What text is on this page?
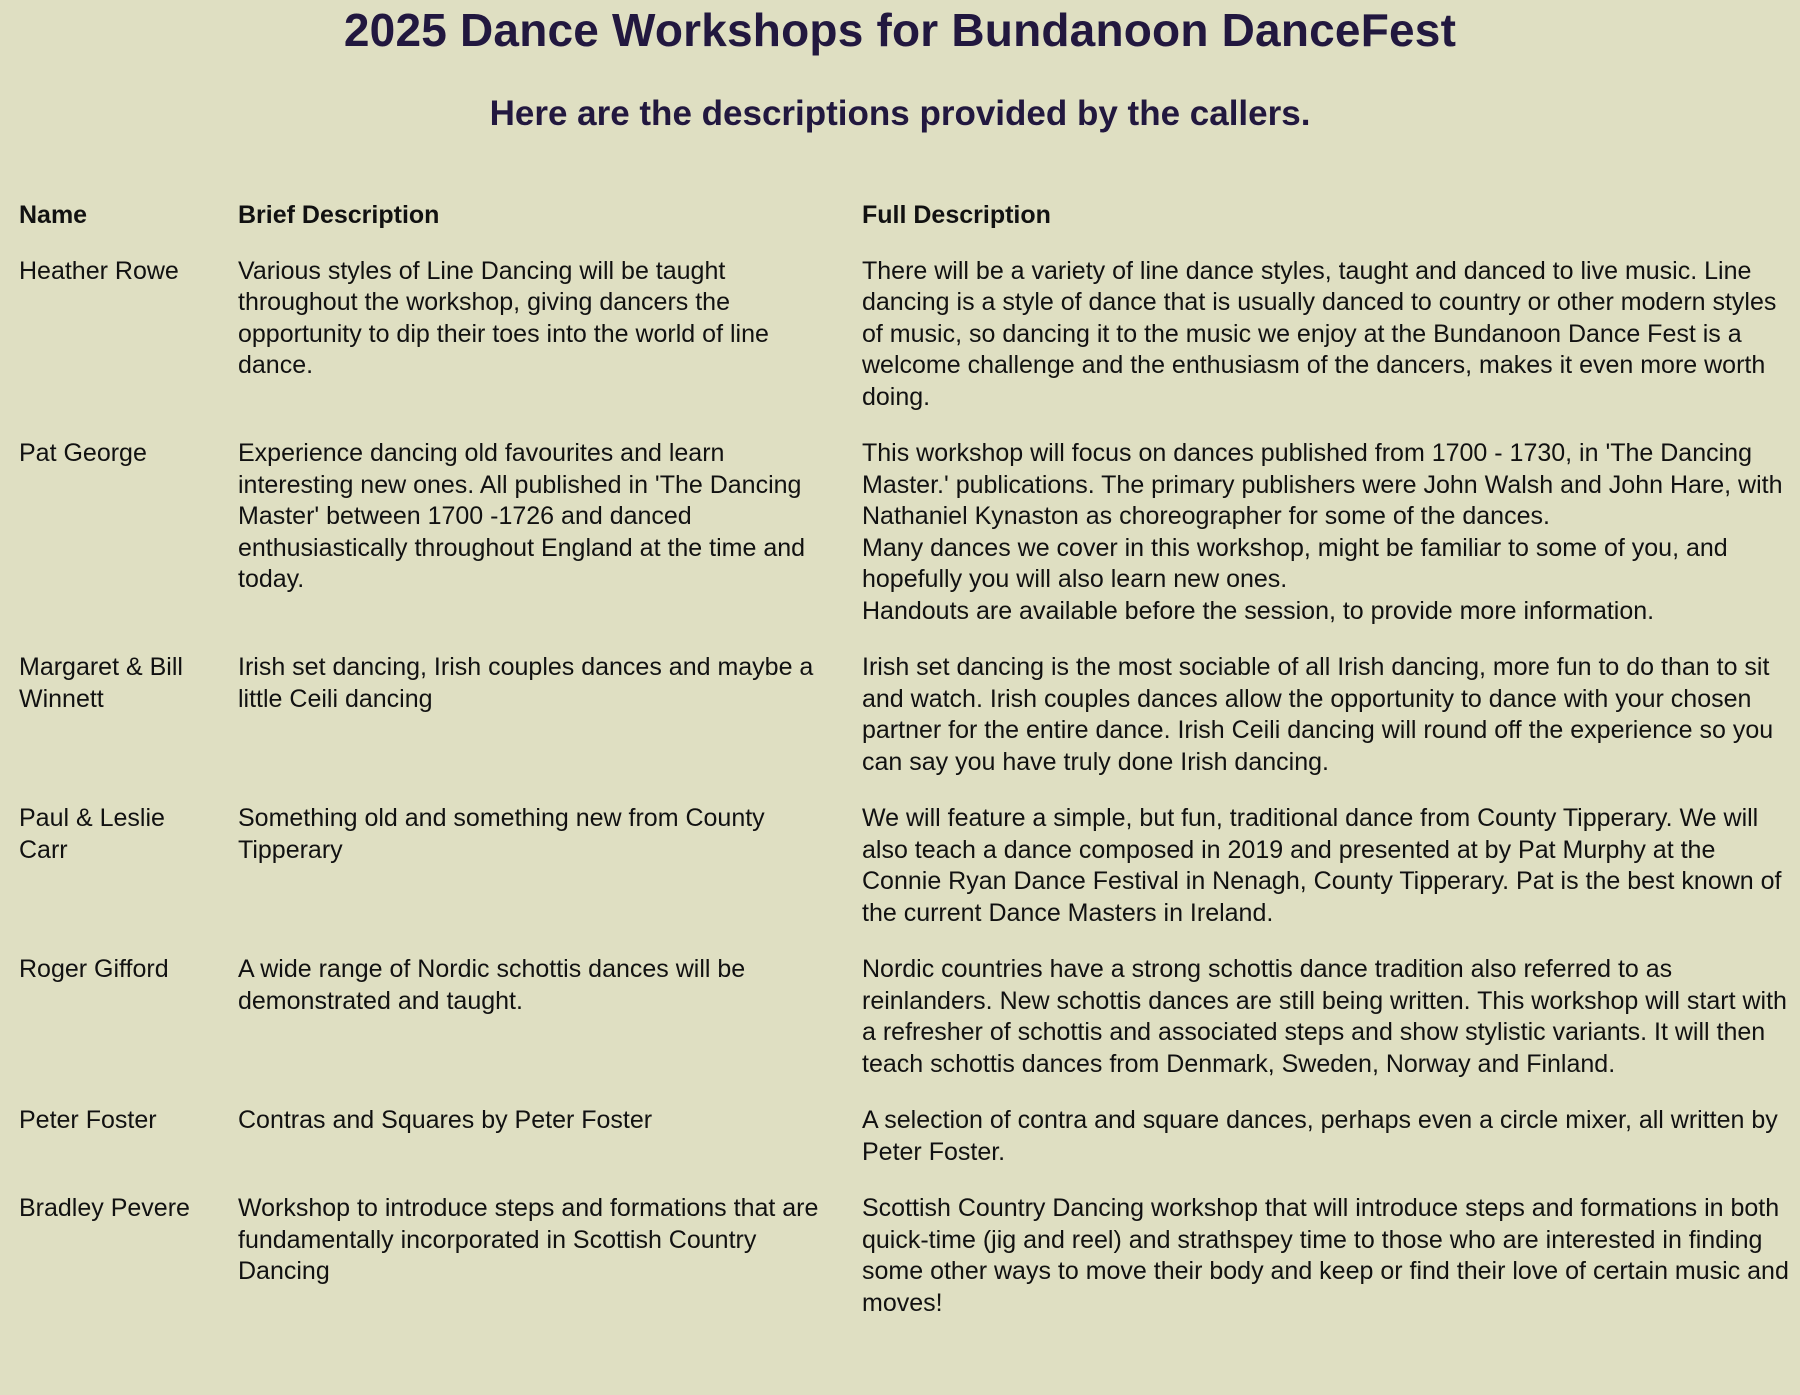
2025 Dance Workshops for Bundanoon DanceFest
Here are the descriptions provided by the callers.
Name	Brief Description	Full Description
Heather Rowe	Various styles of Line Dancing will be taught throughout the workshop, giving dancers the opportunity to dip their toes into the world of line dance.	There will be a variety of line dance styles, taught and danced to live music. Line dancing is a style of dance that is usually danced to country or other modern styles of music, so dancing it to the music we enjoy at the Bundanoon Dance Fest is a welcome challenge and the enthusiasm of the dancers, makes it even more worth doing.

Pat George	Experience dancing old favourites and learn interesting new ones. All published in 'The Dancing Master' between 1700 -1726 and danced enthusiastically throughout England at the time and today.	This workshop will focus on dances published from 1700 - 1730, in 'The Dancing Master.' publications. The primary publishers were John Walsh and John Hare, with Nathaniel Kynaston as choreographer for some of the dances.
Many dances we cover in this workshop, might be familiar to some of you, and hopefully you will also learn new ones.
Handouts are available before the session, to provide more information.

Margaret & Bill Winnett	Irish set dancing, Irish couples dances and maybe a little Ceili dancing	Irish set dancing is the most sociable of all Irish dancing, more fun to do than to sit and watch. Irish couples dances allow the opportunity to dance with your chosen partner for the entire dance. Irish Ceili dancing will round off the experience so you can say you have truly done Irish dancing.

Paul & Leslie Carr	Something old and something new from County Tipperary	We will feature a simple, but fun, traditional dance from County Tipperary. We will also teach a dance composed in 2019 and presented at by Pat Murphy at the Connie Ryan Dance Festival in Nenagh, County Tipperary. Pat is the best known of the current Dance Masters in Ireland.

Roger Gifford	A wide range of Nordic schottis dances will be demonstrated and taught.	Nordic countries have a strong schottis dance tradition also referred to as reinlanders. New schottis dances are still being written. This workshop will start with a refresher of schottis and associated steps and show stylistic variants. It will then teach schottis dances from Denmark, Sweden, Norway and Finland.

Peter Foster	Contras and Squares by Peter Foster	A selection of contra and square dances, perhaps even a circle mixer, all written by Peter Foster.

Bradley Pevere	Workshop to introduce steps and formations that are fundamentally incorporated in Scottish Country Dancing	Scottish Country Dancing workshop that will introduce steps and formations in both quick-time (jig and reel) and strathspey time to those who are interested in finding some other ways to move their body and keep or find their love of certain music and moves!
